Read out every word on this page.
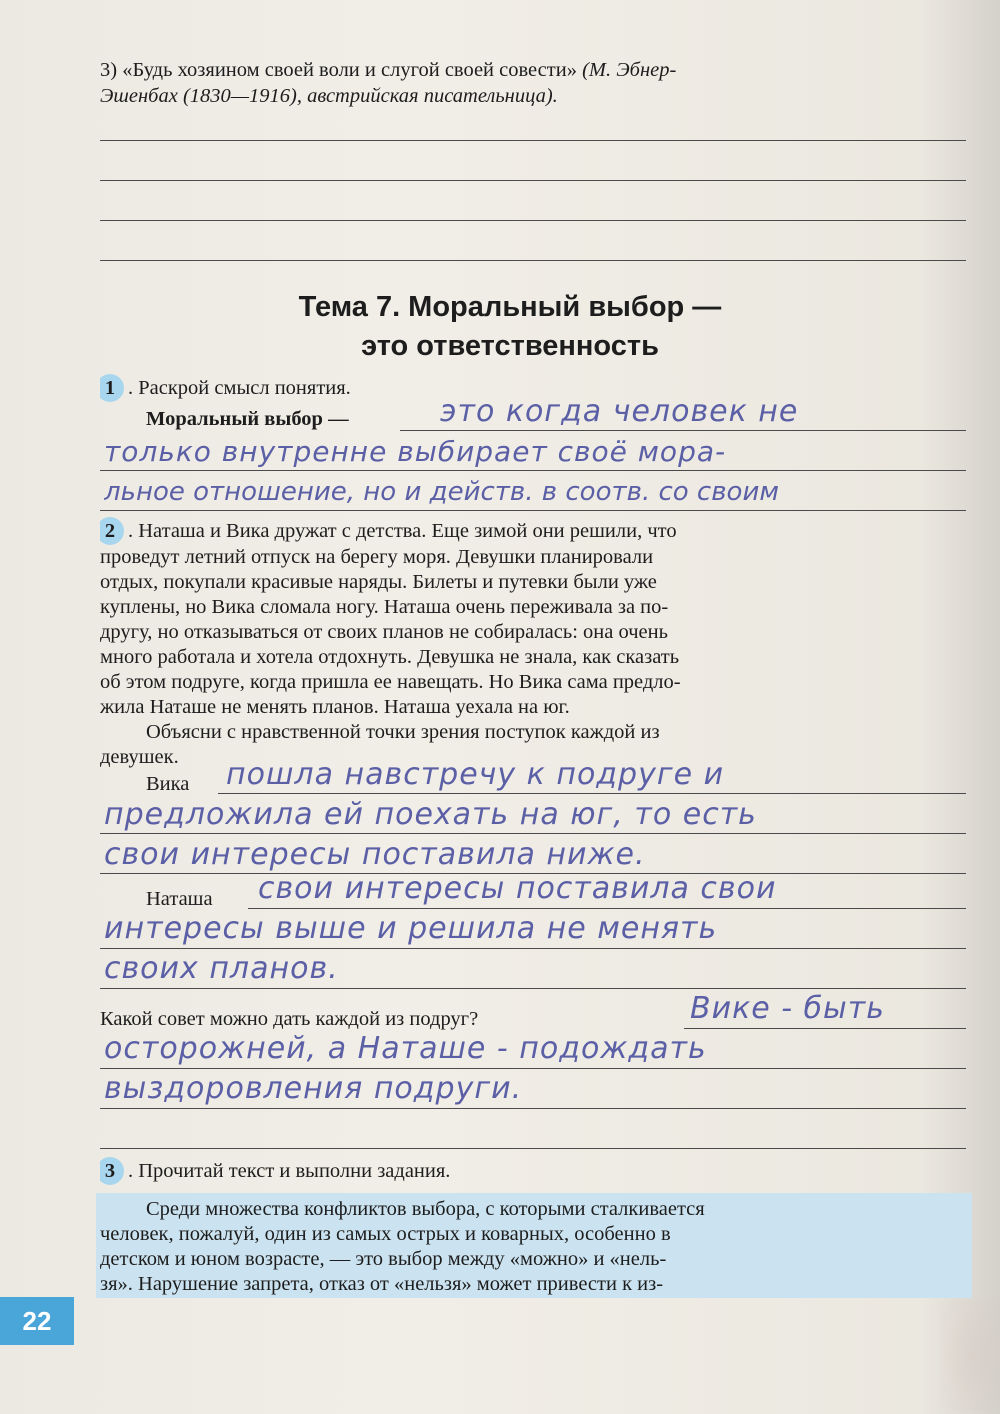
3) «Будь хозяином своей воли и слугой своей совести» (М. Эбнер-
Эшенбах (1830—1916), австрийская писательница).
Тема 7. Моральный выбор —
это ответственность
1 . Раскрой смысл понятия.
Моральный выбор —	это когда человек не
только внутренне выбирает своё мора-
льное отношение, но и действ. в соотв. со своим
2 . Наташа и Вика дружат с детства. Еще зимой они решили, что
проведут летний отпуск на берегу моря. Девушки планировали
отдых, покупали красивые наряды. Билеты и путевки были уже
куплены, но Вика сломала ногу. Наташа очень переживала за по-
другу, но отказываться от своих планов не собиралась: она очень
много работала и хотела отдохнуть. Девушка не знала, как сказать
об этом подруге, когда пришла ее навещать. Но Вика сама предло-
жила Наташе не менять планов. Наташа уехала на юг.
Объясни с нравственной точки зрения поступок каждой из
девушек.
Вика	пошла навстречу к подруге и
предложила ей поехать на юг, то есть
свои интересы поставила ниже.
Наташа	свои интересы поставила свои
интересы выше и решила не менять
своих планов.
Какой совет можно дать каждой из подруг?	Вике - быть
осторожней, а Наташе - подождать
выздоровления подруги.
3 . Прочитай текст и выполни задания.
Среди множества конфликтов выбора, с которыми сталкивается
человек, пожалуй, один из самых острых и коварных, особенно в
детском и юном возрасте, — это выбор между «можно» и «нель-
зя». Нарушение запрета, отказ от «нельзя» может привести к из-
22
